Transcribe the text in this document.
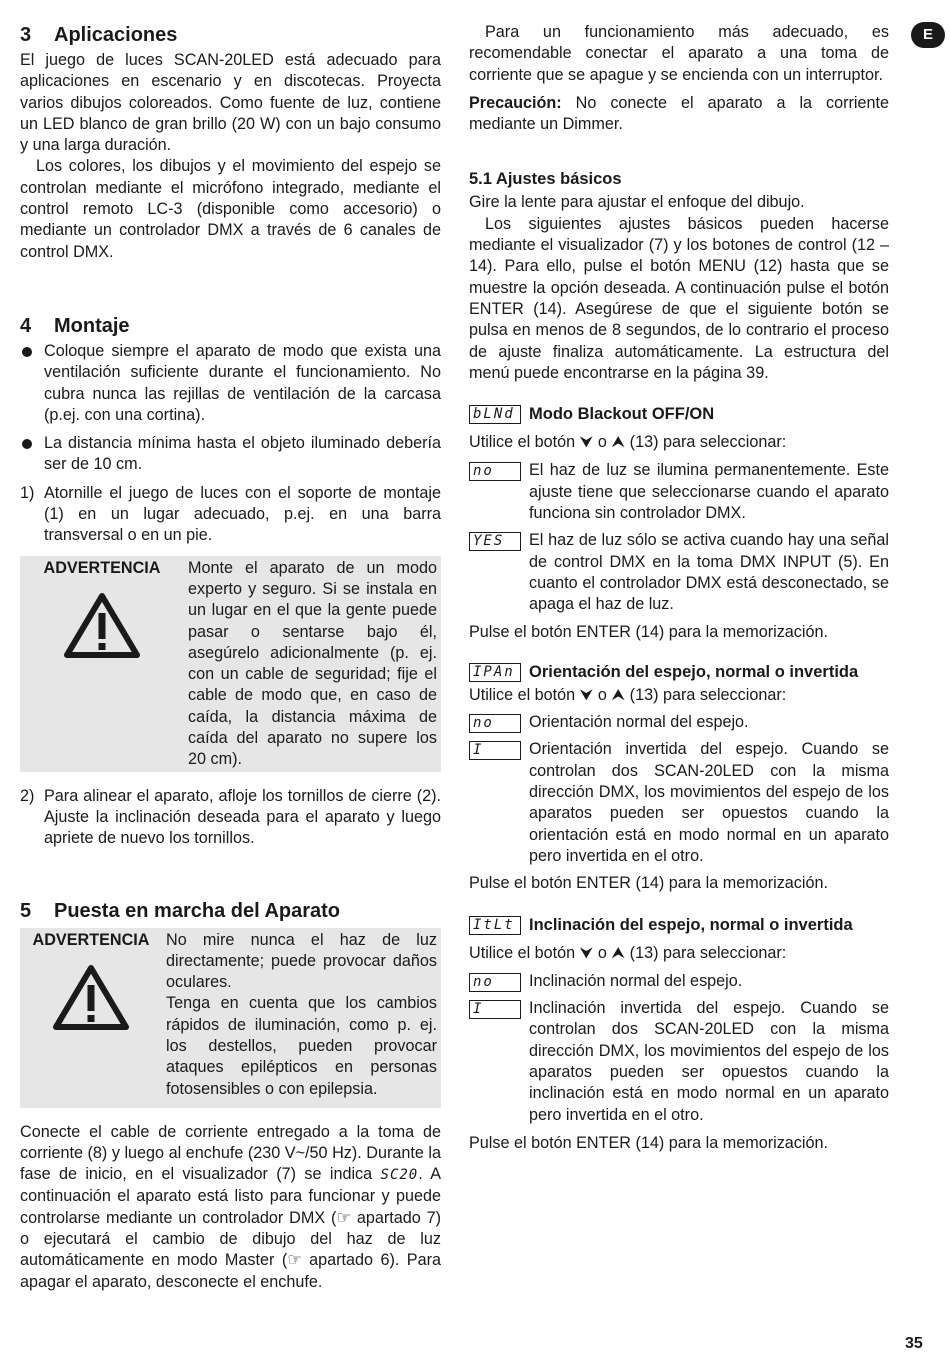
3 Aplicaciones

El juego de luces SCAN-20LED está adecuado para aplicaciones en escenario y en discotecas. Proyecta varios dibujos coloreados. Como fuente de luz, contiene un LED blanco de gran brillo (20 W) con un bajo consumo y una larga duración.

Los colores, los dibujos y el movimiento del espejo se controlan mediante el micrófono integrado, mediante el control remoto LC-3 (disponible como accesorio) o mediante un controlador DMX a través de 6 canales de control DMX.

4 Montaje

Coloque siempre el aparato de modo que exista una ventilación suficiente durante el funcionamiento. No cubra nunca las rejillas de ventilación de la carcasa (p.ej. con una cortina).

La distancia mínima hasta el objeto iluminado debería ser de 10 cm.

1) Atornille el juego de luces con el soporte de montaje (1) en un lugar adecuado, p.ej. en una barra transversal o en un pie.

ADVERTENCIA Monte el aparato de un modo experto y seguro. Si se instala en un lugar en el que la gente puede pasar o sentarse bajo él, asegúrelo adicionalmente (p. ej. con un cable de seguridad; fije el cable de modo que, en caso de caída, la distancia máxima de caída del aparato no supere los 20 cm).

2) Para alinear el aparato, afloje los tornillos de cierre (2). Ajuste la inclinación deseada para el aparato y luego apriete de nuevo los tornillos.

5 Puesta en marcha del Aparato
ADVERTENCIA No mire nunca el haz de luz directamente; puede provocar daños oculares.

Tenga en cuenta que los cambios rápidos de iluminación, como p. ej. los destellos, pueden provocar ataques epilépticos en personas fotosensibles o con epilepsia.

Conecte el cable de corriente entregado a la toma de corriente (8) y luego al enchufe (230 V~/50 Hz). Durante la fase de inicio, en el visualizador (7) se indica SC20. A continuación el aparato está listo para funcionar y puede controlarse mediante un controlador DMX (☞ apartado 7) o ejecutará el cambio de dibujo del haz de luz automáticamente en modo Master (☞ apartado 6). Para apagar el aparato, desconecte el enchufe.

Para un funcionamiento más adecuado, es recomendable conectar el aparato a una toma de corriente que se apague y se encienda con un interruptor.

Precaución: No conecte el aparato a la corriente mediante un Dimmer.

5.1 Ajustes básicos

Gire la lente para ajustar el enfoque del dibujo.

Los siguientes ajustes básicos pueden hacerse mediante el visualizador (7) y los botones de control (12 – 14). Para ello, pulse el botón MENU (12) hasta que se muestre la opción deseada. A continuación pulse el botón ENTER (14). Asegúrese de que el siguiente botón se pulsa en menos de 8 segundos, de lo contrario el proceso de ajuste finaliza automáticamente. La estructura del menú puede encontrarse en la página 39.

bLNd Modo Blackout OFF/ON

Utilice el botón ⮟ o ⮝ (13) para seleccionar:

no	El haz de luz se ilumina permanentemente. Este ajuste tiene que seleccionarse cuando el aparato funciona sin controlador DMX.

YES	El haz de luz sólo se activa cuando hay una señal de control DMX en la toma DMX INPUT (5). En cuanto el controlador DMX está desconectado, se apaga el haz de luz.

Pulse el botón ENTER (14) para la memorización.

IPAn Orientación del espejo, normal o invertida

Utilice el botón ⮟ o ⮝ (13) para seleccionar:

no	Orientación normal del espejo.

I	Orientación invertida del espejo. Cuando se controlan dos SCAN-20LED con la misma dirección DMX, los movimientos del espejo de los aparatos pueden ser opuestos cuando la orientación está en modo normal en un aparato pero invertida en el otro.

Pulse el botón ENTER (14) para la memorización.

ItLt Inclinación del espejo, normal o invertida

Utilice el botón ⮟ o ⮝ (13) para seleccionar:

no	Inclinación normal del espejo.

I	Inclinación invertida del espejo. Cuando se controlan dos SCAN-20LED con la misma dirección DMX, los movimientos del espejo de los aparatos pueden ser opuestos cuando la inclinación está en modo normal en un aparato pero invertida en el otro.

Pulse el botón ENTER (14) para la memorización.

E
35
